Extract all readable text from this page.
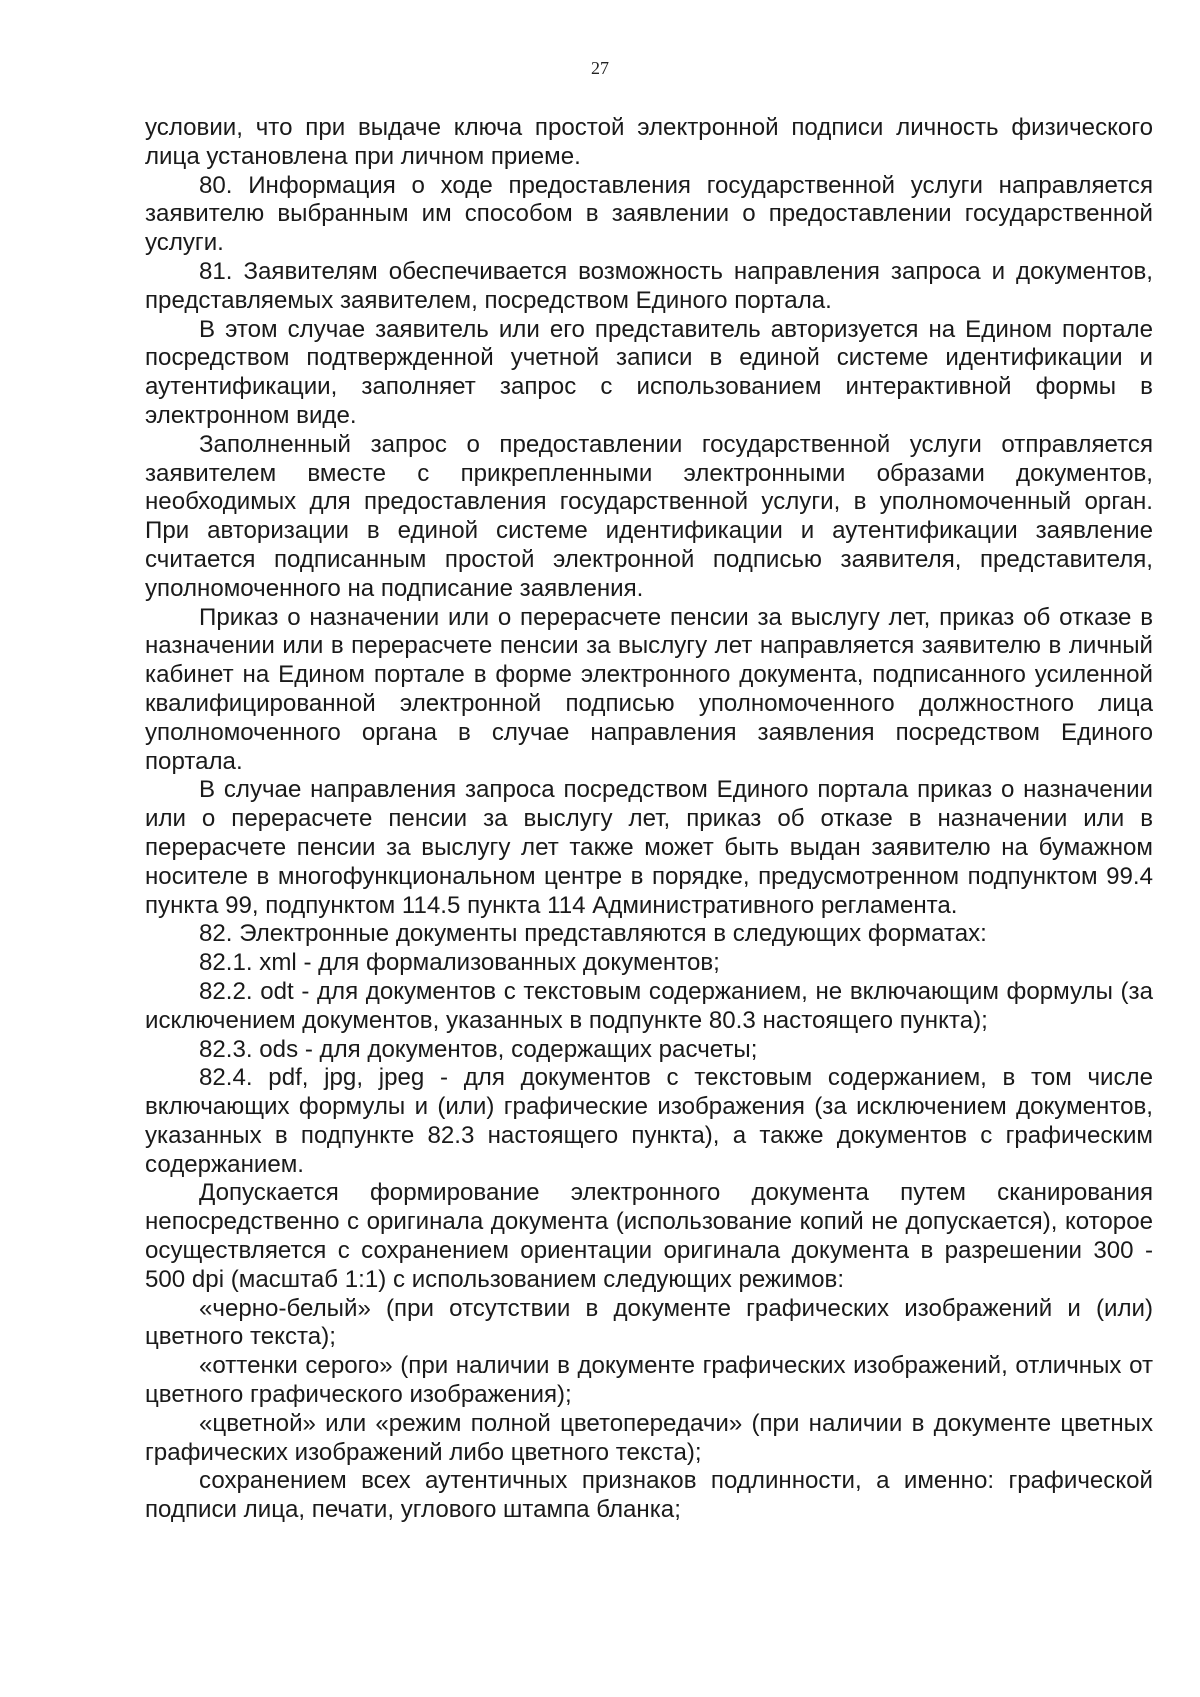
27

условии, что при выдаче ключа простой электронной подписи личность физического лица установлена при личном приеме.

80. Информация о ходе предоставления государственной услуги направляется заявителю выбранным им способом в заявлении о предоставлении государственной услуги.

81. Заявителям обеспечивается возможность направления запроса и документов, представляемых заявителем, посредством Единого портала.

В этом случае заявитель или его представитель авторизуется на Едином портале посредством подтвержденной учетной записи в единой системе идентификации и аутентификации, заполняет запрос с использованием интерактивной формы в электронном виде.

Заполненный запрос о предоставлении государственной услуги отправляется заявителем вместе с прикрепленными электронными образами документов, необходимых для предоставления государственной услуги, в уполномоченный орган. При авторизации в единой системе идентификации и аутентификации заявление считается подписанным простой электронной подписью заявителя, представителя, уполномоченного на подписание заявления.

Приказ о назначении или о перерасчете пенсии за выслугу лет, приказ об отказе в назначении или в перерасчете пенсии за выслугу лет направляется заявителю в личный кабинет на Едином портале в форме электронного документа, подписанного усиленной квалифицированной электронной подписью уполномоченного должностного лица уполномоченного органа в случае направления заявления посредством Единого портала.

В случае направления запроса посредством Единого портала приказ о назначении или о перерасчете пенсии за выслугу лет, приказ об отказе в назначении или в перерасчете пенсии за выслугу лет также может быть выдан заявителю на бумажном носителе в многофункциональном центре в порядке, предусмотренном подпунктом 99.4 пункта 99, подпунктом 114.5 пункта 114 Административного регламента.

82. Электронные документы представляются в следующих форматах:

82.1. xml - для формализованных документов;

82.2. odt - для документов с текстовым содержанием, не включающим формулы (за исключением документов, указанных в подпункте 80.3 настоящего пункта);

82.3. ods - для документов, содержащих расчеты;

82.4. pdf, jpg, jpeg - для документов с текстовым содержанием, в том числе включающих формулы и (или) графические изображения (за исключением документов, указанных в подпункте 82.3 настоящего пункта), а также документов с графическим содержанием.

Допускается формирование электронного документа путем сканирования непосредственно с оригинала документа (использование копий не допускается), которое осуществляется с сохранением ориентации оригинала документа в разрешении 300 - 500 dpi (масштаб 1:1) с использованием следующих режимов:

«черно-белый» (при отсутствии в документе графических изображений и (или) цветного текста);

«оттенки серого» (при наличии в документе графических изображений, отличных от цветного графического изображения);

«цветной» или «режим полной цветопередачи» (при наличии в документе цветных графических изображений либо цветного текста);

сохранением всех аутентичных признаков подлинности, а именно: графической подписи лица, печати, углового штампа бланка;
